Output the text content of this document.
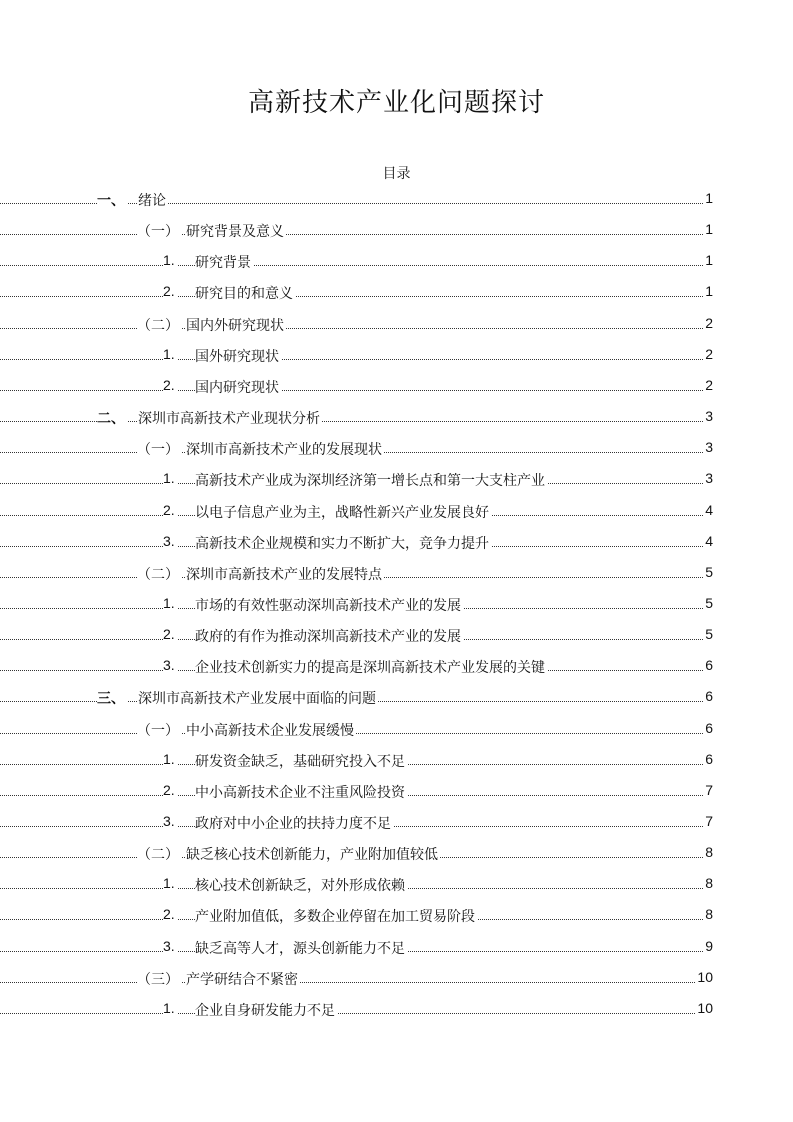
高新技术产业化问题探讨
目录
一、 绪论	1
（一） 研究背景及意义	1
1. 研究背景	1
2. 研究目的和意义	1
（二） 国内外研究现状	2
1. 国外研究现状	2
2. 国内研究现状	2
二、 深圳市高新技术产业现状分析	3
（一） 深圳市高新技术产业的发展现状	3
1. 高新技术产业成为深圳经济第一增长点和第一大支柱产业	3
2. 以电子信息产业为主，战略性新兴产业发展良好	4
3. 高新技术企业规模和实力不断扩大，竞争力提升	4
（二） 深圳市高新技术产业的发展特点	5
1. 市场的有效性驱动深圳高新技术产业的发展	5
2. 政府的有作为推动深圳高新技术产业的发展	5
3. 企业技术创新实力的提高是深圳高新技术产业发展的关键	6
三、 深圳市高新技术产业发展中面临的问题	6
（一） 中小高新技术企业发展缓慢	6
1. 研发资金缺乏，基础研究投入不足	6
2. 中小高新技术企业不注重风险投资	7
3. 政府对中小企业的扶持力度不足	7
（二） 缺乏核心技术创新能力，产业附加值较低	8
1. 核心技术创新缺乏，对外形成依赖	8
2. 产业附加值低，多数企业停留在加工贸易阶段	8
3. 缺乏高等人才，源头创新能力不足	9
（三） 产学研结合不紧密	10
1. 企业自身研发能力不足	10
